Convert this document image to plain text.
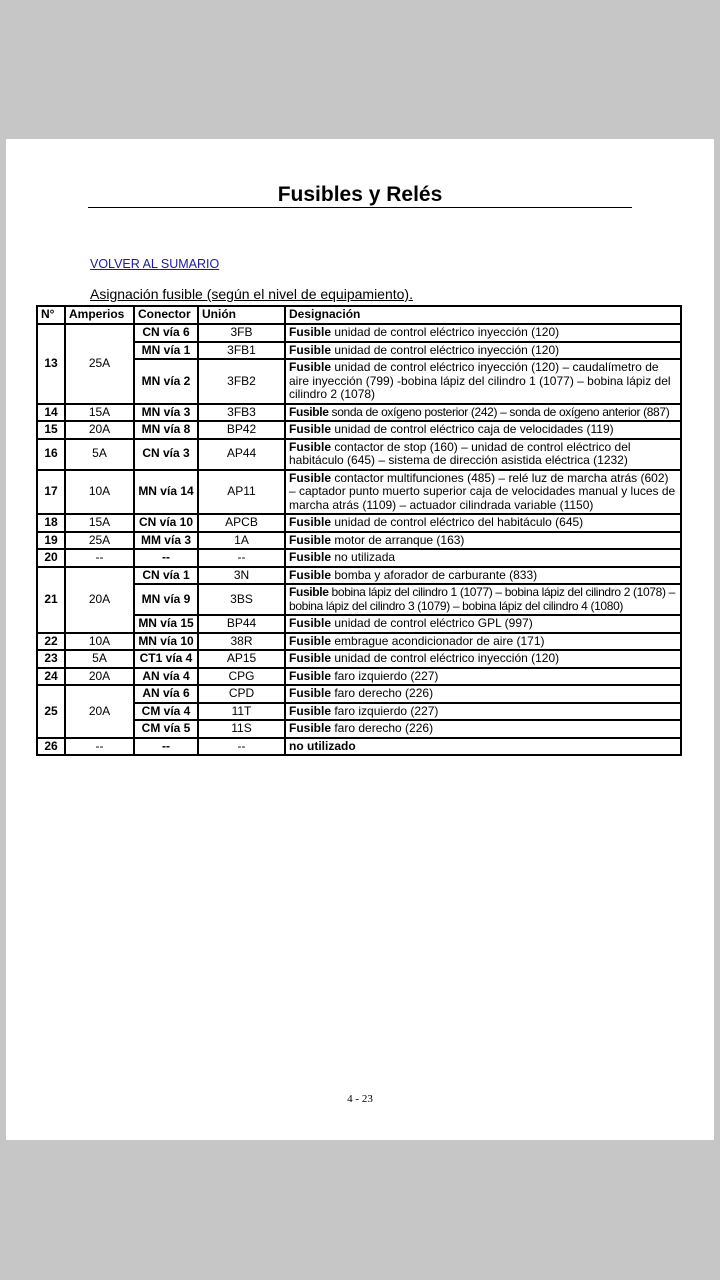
Fusibles y Relés
VOLVER AL SUMARIO
Asignación fusible (según el nivel de equipamiento).
N°	Amperios	Conector	Unión	Designación
13	25A	CN vía 6	3FB	Fusible unidad de control eléctrico inyección (120)
		MN vía 1	3FB1	Fusible unidad de control eléctrico inyección (120)
		MN vía 2	3FB2	Fusible unidad de control eléctrico inyección (120) – caudalímetro de aire inyección (799) -bobina lápiz del cilindro 1 (1077) – bobina lápiz del cilindro 2 (1078)
14	15A	MN vía 3	3FB3	Fusible sonda de oxígeno posterior (242) – sonda de oxígeno anterior (887)
15	20A	MN vía 8	BP42	Fusible unidad de control eléctrico caja de velocidades (119)
16	5A	CN vía 3	AP44	Fusible contactor de stop (160) – unidad de control eléctrico del habitáculo (645) – sistema de dirección asistida eléctrica (1232)
17	10A	MN vía 14	AP11	Fusible contactor multifunciones (485) – relé luz de marcha atrás (602) – captador punto muerto superior caja de velocidades manual y luces de marcha atrás (1109) – actuador cilindrada variable (1150)
18	15A	CN vía 10	APCB	Fusible unidad de control eléctrico del habitáculo (645)
19	25A	MM vía 3	1A	Fusible motor de arranque (163)
20	--	--	--	Fusible no utilizada
21	20A	CN vía 1	3N	Fusible bomba y aforador de carburante (833)
		MN vía 9	3BS	Fusible bobina lápiz del cilindro 1 (1077) – bobina lápiz del cilindro 2 (1078) – bobina lápiz del cilindro 3 (1079) – bobina lápiz del cilindro 4 (1080)
		MN vía 15	BP44	Fusible unidad de control eléctrico GPL (997)
22	10A	MN vía 10	38R	Fusible embrague acondicionador de aire (171)
23	5A	CT1 vía 4	AP15	Fusible unidad de control eléctrico inyección (120)
24	20A	AN vía 4	CPG	Fusible faro izquierdo (227)
25	20A	AN vía 6	CPD	Fusible faro derecho (226)
		CM vía 4	11T	Fusible faro izquierdo (227)
		CM vía 5	11S	Fusible faro derecho (226)
26	--	--	--	no utilizado
4 - 23
